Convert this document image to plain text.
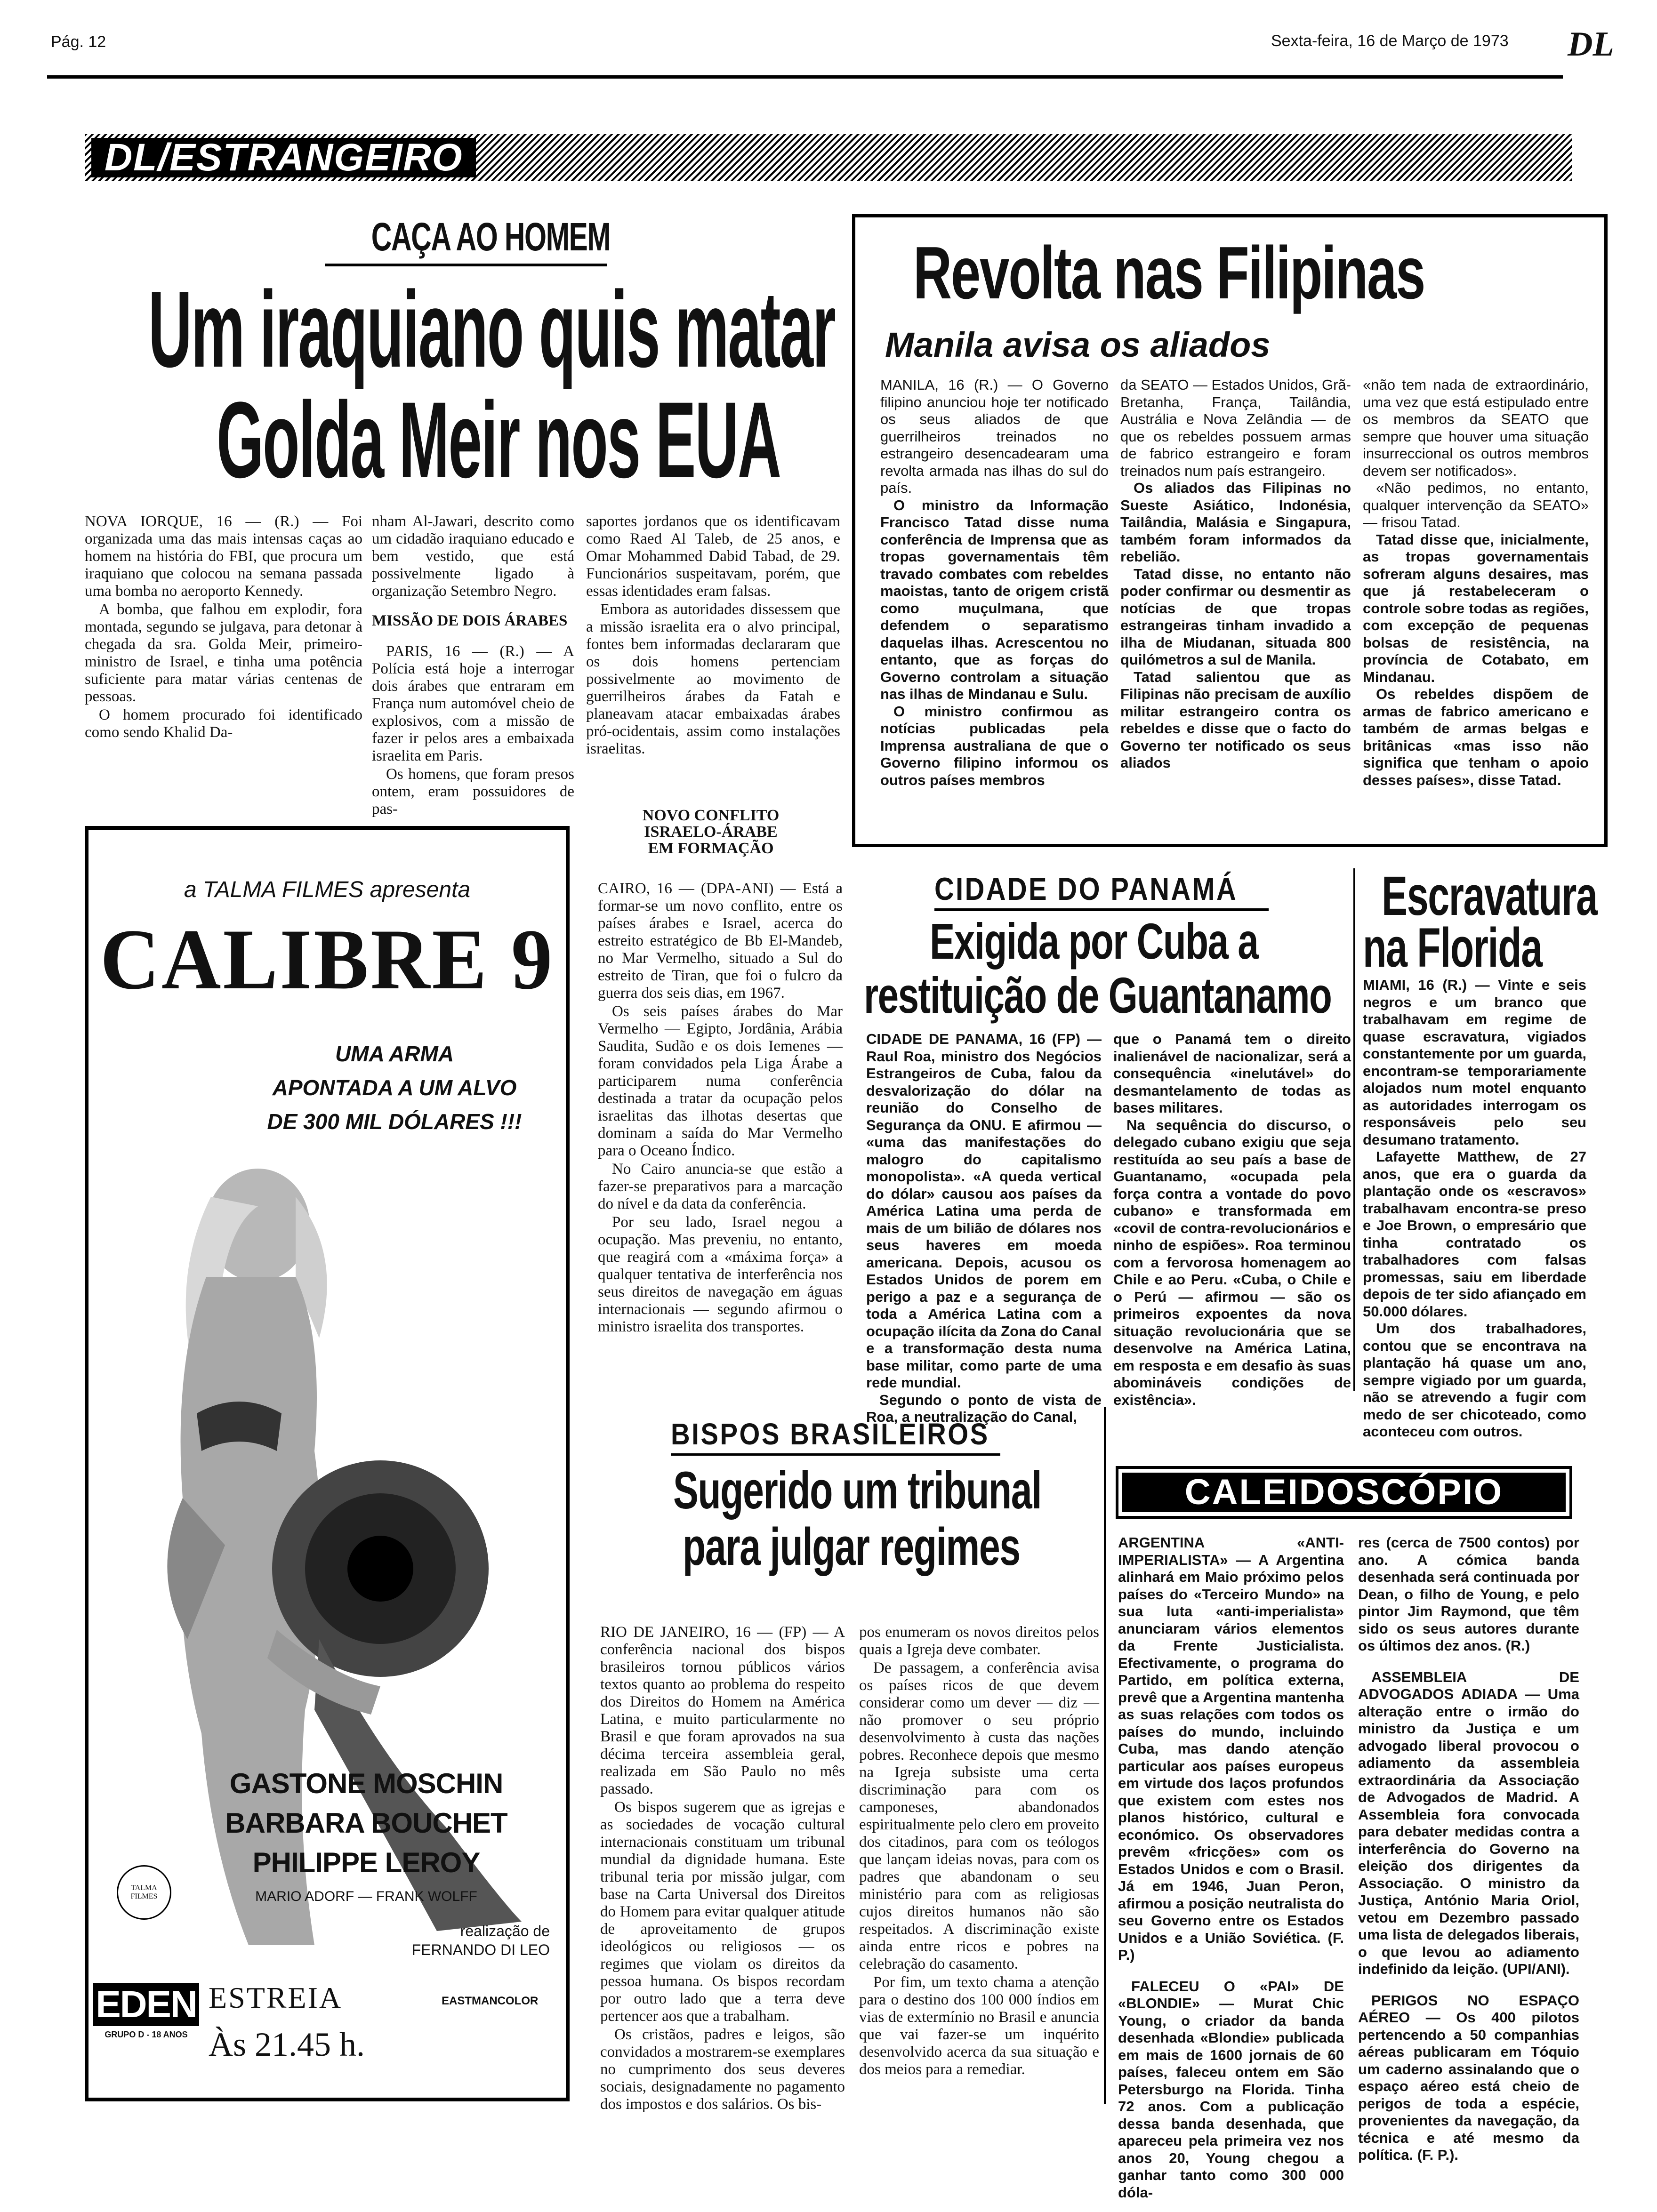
Pág. 12	Sexta-feira, 16 de Março de 1973 DL
DL/ESTRANGEIRO
CAÇA AO HOMEM
Um iraquiano quis matar
Golda Meir nos EUA

NOVA IORQUE, 16 — (R.) — Foi organizada uma das mais intensas caças ao homem na história do FBI, que procura um iraquiano que colocou na semana passada uma bomba no aeroporto Kennedy.

A bomba, que falhou em explodir, fora montada, segundo se julgava, para detonar à chegada da sra. Golda Meir, primeiro-ministro de Israel, e tinha uma potência suficiente para matar várias centenas de pessoas.

O homem procurado foi identificado como sendo Khalid Da-

nham Al-Jawari, descrito como um cidadão iraquiano educado e bem vestido, que está possivelmente ligado à organização Setembro Negro.

MISSÃO DE DOIS ÁRABES

PARIS, 16 — (R.) — A Polícia está hoje a interrogar dois árabes que entraram em França num automóvel cheio de explosivos, com a missão de fazer ir pelos ares a embaixada israelita em Paris.

Os homens, que foram presos ontem, eram possuidores de pas-

saportes jordanos que os identificavam como Raed Al Taleb, de 25 anos, e Omar Mohammed Dabid Tabad, de 29. Funcionários suspeitavam, porém, que essas identidades eram falsas.

Embora as autoridades dissessem que a missão israelita era o alvo principal, fontes bem informadas declararam que os dois homens pertenciam possivelmente ao movimento de guerrilheiros árabes da Fatah e planeavam atacar embaixadas árabes pró-ocidentais, assim como instalações israelitas.

NOVO CONFLITO ISRAELO-ÁRABE EM FORMAÇÃO

CAIRO, 16 — (DPA-ANI) — Está a formar-se um novo conflito, entre os países árabes e Israel, acerca do estreito estratégico de Bb El-Mandeb, no Mar Vermelho, situado a Sul do estreito de Tiran, que foi o fulcro da guerra dos seis dias, em 1967.

Os seis países árabes do Mar Vermelho — Egipto, Jordânia, Arábia Saudita, Sudão e os dois Iemenes — foram convidados pela Liga Árabe a participarem numa conferência destinada a tratar da ocupação pelos israelitas das ilhotas desertas que dominam a saída do Mar Vermelho para o Oceano Índico.

No Cairo anuncia-se que estão a fazer-se preparativos para a marcação do nível e da data da conferência.

Por seu lado, Israel negou a ocupação. Mas preveniu, no entanto, que reagirá com a «máxima força» a qualquer tentativa de interferência nos seus direitos de navegação em águas internacionais — segundo afirmou o ministro israelita dos transportes.

a TALMA FILMES apresenta
CALIBRE 9
UMA ARMA
APONTADA A UM ALVO
DE 300 MIL DÓLARES !!!
GASTONE MOSCHIN
BARBARA BOUCHET
PHILIPPE LEROY
TALMA FILMES	MARIO ADORF — FRANK WOLFF
realização de
FERNANDO DI LEO
EDEN
GRUPO D - 18 ANOS
ESTREIA	EASTMANCOLOR
Às 21.45 h.
Revolta nas Filipinas
Manila avisa os aliados

MANILA, 16 (R.) — O Governo filipino anunciou hoje ter notificado os seus aliados de que guerrilheiros treinados no estrangeiro desencadearam uma revolta armada nas ilhas do sul do país.

O ministro da Informação Francisco Tatad disse numa conferência de Imprensa que as tropas governamentais têm travado combates com rebeldes maoistas, tanto de origem cristã como muçulmana, que defendem o separatismo daquelas ilhas. Acrescentou no entanto, que as forças do Governo controlam a situação nas ilhas de Mindanau e Sulu.

O ministro confirmou as notícias publicadas pela Imprensa australiana de que o Governo filipino informou os outros países membros

da SEATO — Estados Unidos, Grã-Bretanha, França, Tailândia, Austrália e Nova Zelândia — de que os rebeldes possuem armas de fabrico estrangeiro e foram treinados num país estrangeiro.

Os aliados das Filipinas no Sueste Asiático, Indonésia, Tailândia, Malásia e Singapura, também foram informados da rebelião.

Tatad disse, no entanto não poder confirmar ou desmentir as notícias de que tropas estrangeiras tinham invadido a ilha de Miudanan, situada 800 quilómetros a sul de Manila.

Tatad salientou que as Filipinas não precisam de auxílio militar estrangeiro contra os rebeldes e disse que o facto do Governo ter notificado os seus aliados

«não tem nada de extraordinário, uma vez que está estipulado entre os membros da SEATO que sempre que houver uma situação insurreccional os outros membros devem ser notificados».

«Não pedimos, no entanto, qualquer intervenção da SEATO» — frisou Tatad.

Tatad disse que, inicialmente, as tropas governamentais sofreram alguns desaires, mas que já restabeleceram o controle sobre todas as regiões, com excepção de pequenas bolsas de resistência, na província de Cotabato, em Mindanau.

Os rebeldes dispõem de armas de fabrico americano e também de armas belgas e britânicas «mas isso não significa que tenham o apoio desses países», disse Tatad.

CIDADE DO PANAMÁ
Exigida por Cuba a
restituição de Guantanamo

CIDADE DE PANAMA, 16 (FP) — Raul Roa, ministro dos Negócios Estrangeiros de Cuba, falou da desvalorização do dólar na reunião do Conselho de Segurança da ONU. E afirmou — «uma das manifestações do malogro do capitalismo monopolista». «A queda vertical do dólar» causou aos países da América Latina uma perda de mais de um bilião de dólares nos seus haveres em moeda americana. Depois, acusou os Estados Unidos de porem em perigo a paz e a segurança de toda a América Latina com a ocupação ilícita da Zona do Canal e a transformação desta numa base militar, como parte de uma rede mundial.

Segundo o ponto de vista de Roa, a neutralização do Canal,

que o Panamá tem o direito inalienável de nacionalizar, será a consequência «inelutável» do desmantelamento de todas as bases militares.

Na sequência do discurso, o delegado cubano exigiu que seja restituída ao seu país a base de Guantanamo, «ocupada pela força contra a vontade do povo cubano» e transformada em «covil de contra-revolucionários e ninho de espiões». Roa terminou com a fervorosa homenagem ao Chile e ao Peru. «Cuba, o Chile e o Perú — afirmou — são os primeiros expoentes da nova situação revolucionária que se desenvolve na América Latina, em resposta e em desafio às suas abomináveis condições de existência».

Escravatura
na Florida

MIAMI, 16 (R.) — Vinte e seis negros e um branco que trabalhavam em regime de quase escravatura, vigiados constantemente por um guarda, encontram-se temporariamente alojados num motel enquanto as autoridades interrogam os responsáveis pelo seu desumano tratamento.

Lafayette Matthew, de 27 anos, que era o guarda da plantação onde os «escravos» trabalhavam encontra-se preso e Joe Brown, o empresário que tinha contratado os trabalhadores com falsas promessas, saiu em liberdade depois de ter sido afiançado em 50.000 dólares.

Um dos trabalhadores, contou que se encontrava na plantação há quase um ano, sempre vigiado por um guarda, não se atrevendo a fugir com medo de ser chicoteado, como aconteceu com outros.

BISPOS BRASILEIROS
Sugerido um tribunal
para julgar regimes

RIO DE JANEIRO, 16 — (FP) — A conferência nacional dos bispos brasileiros tornou públicos vários textos quanto ao problema do respeito dos Direitos do Homem na América Latina, e muito particularmente no Brasil e que foram aprovados na sua décima terceira assembleia geral, realizada em São Paulo no mês passado.

Os bispos sugerem que as igrejas e as sociedades de vocação cultural internacionais constituam um tribunal mundial da dignidade humana. Este tribunal teria por missão julgar, com base na Carta Universal dos Direitos do Homem para evitar qualquer atitude de aproveitamento de grupos ideológicos ou religiosos — os regimes que violam os direitos da pessoa humana. Os bispos recordam por outro lado que a terra deve pertencer aos que a trabalham.

Os cristãos, padres e leigos, são convidados a mostrarem-se exemplares no cumprimento dos seus deveres sociais, designadamente no pagamento dos impostos e dos salários. Os bis-

pos enumeram os novos direitos pelos quais a Igreja deve combater.

De passagem, a conferência avisa os países ricos de que devem considerar como um dever — diz — não promover o seu próprio desenvolvimento à custa das nações pobres. Reconhece depois que mesmo na Igreja subsiste uma certa discriminação para com os camponeses, abandonados espiritualmente pelo clero em proveito dos citadinos, para com os teólogos que lançam ideias novas, para com os padres que abandonam o seu ministério para com as religiosas cujos direitos humanos não são respeitados. A discriminação existe ainda entre ricos e pobres na celebração do casamento.

Por fim, um texto chama a atenção para o destino dos 100 000 índios em vias de extermínio no Brasil e anuncia que vai fazer-se um inquérito desenvolvido acerca da sua situação e dos meios para a remediar.

CALEIDOSCÓPIO

ARGENTINA «ANTI-IMPERIALISTA» — A Argentina alinhará em Maio próximo pelos países do «Terceiro Mundo» na sua luta «anti-imperialista» anunciaram vários elementos da Frente Justicialista. Efectivamente, o programa do Partido, em política externa, prevê que a Argentina mantenha as suas relações com todos os países do mundo, incluindo Cuba, mas dando atenção particular aos países europeus em virtude dos laços profundos que existem com estes nos planos histórico, cultural e económico. Os observadores prevêm «fricções» com os Estados Unidos e com o Brasil. Já em 1946, Juan Peron, afirmou a posição neutralista do seu Governo entre os Estados Unidos e a União Soviética. (F. P.)

FALECEU O «PAI» DE «BLONDIE» — Murat Chic Young, o criador da banda desenhada «Blondie» publicada em mais de 1600 jornais de 60 países, faleceu ontem em São Petersburgo na Florida. Tinha 72 anos. Com a publicação dessa banda desenhada, que apareceu pela primeira vez nos anos 20, Young chegou a ganhar tanto como 300 000 dóla-

res (cerca de 7500 contos) por ano. A cómica banda desenhada será continuada por Dean, o filho de Young, e pelo pintor Jim Raymond, que têm sido os seus autores durante os últimos dez anos. (R.)

ASSEMBLEIA DE ADVOGADOS ADIADA — Uma alteração entre o irmão do ministro da Justiça e um advogado liberal provocou o adiamento da assembleia extraordinária da Associação de Advogados de Madrid. A Assembleia fora convocada para debater medidas contra a interferência do Governo na eleição dos dirigentes da Associação. O ministro da Justiça, António Maria Oriol, vetou em Dezembro passado uma lista de delegados liberais, o que levou ao adiamento indefinido da leição. (UPI/ANI).

PERIGOS NO ESPAÇO AÉREO — Os 400 pilotos pertencendo a 50 companhias aéreas publicaram em Tóquio um caderno assinalando que o espaço aéreo está cheio de perigos de toda a espécie, provenientes da navegação, da técnica e até mesmo da política. (F. P.).
